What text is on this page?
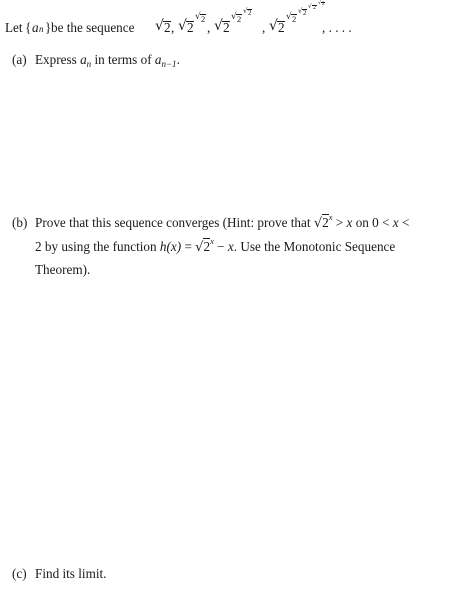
Let { a n } be the sequence √ 2 , √ 2
√ 2
, √ 2
√ 2
√ 2
, √ 2
√ 2
√ 2
√ 2
√ 2
, . . . .
(a) Express $a_n$ in terms of $a_{n-1}$.
(b) Prove that this sequence converges (Hint: prove that $√2^x > x$ on 0 < x <
2 by using the function $h(x) = √2^x - x$. Use the Monotonic Sequence
Theorem).
(c) Find its limit.
